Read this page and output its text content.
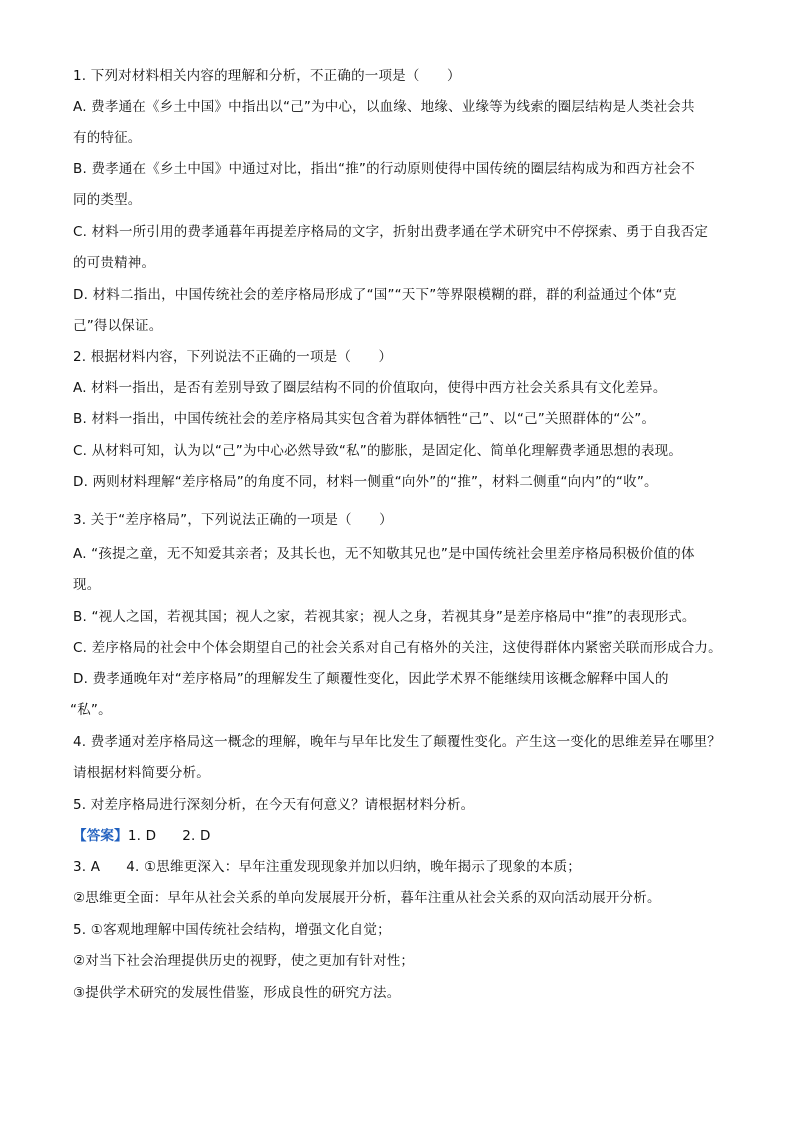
1. 下列对材料相关内容的理解和分析，不正确的一项是（　　）
A. 费孝通在《乡土中国》中指出以“己”为中心，以血缘、地缘、业缘等为线索的圈层结构是人类社会共
有的特征。
B. 费孝通在《乡土中国》中通过对比，指出“推”的行动原则使得中国传统的圈层结构成为和西方社会不
同的类型。
C. 材料一所引用的费孝通暮年再提差序格局的文字，折射出费孝通在学术研究中不停探索、勇于自我否定
的可贵精神。
D. 材料二指出，中国传统社会的差序格局形成了“国”“天下”等界限模糊的群，群的利益通过个体“克
己”得以保证。
2. 根据材料内容，下列说法不正确的一项是（　　）
A. 材料一指出，是否有差别导致了圈层结构不同的价值取向，使得中西方社会关系具有文化差异。
B. 材料一指出，中国传统社会的差序格局其实包含着为群体牺牲“己”、以“己”关照群体的“公”。
C. 从材料可知，认为以“己”为中心必然导致“私”的膨胀，是固定化、简单化理解费孝通思想的表现。
D. 两则材料理解“差序格局”的角度不同，材料一侧重“向外”的“推”，材料二侧重“向内”的“收”。
3. 关于“差序格局”，下列说法正确的一项是（　　）
A. “孩提之童，无不知爱其亲者；及其长也，无不知敬其兄也”是中国传统社会里差序格局积极价值的体
现。
B. “视人之国，若视其国；视人之家，若视其家；视人之身，若视其身”是差序格局中“推”的表现形式。
C. 差序格局的社会中个体会期望自己的社会关系对自己有格外的关注，这使得群体内紧密关联而形成合力。
D. 费孝通晚年对“差序格局”的理解发生了颠覆性变化，因此学术界不能继续用该概念解释中国人的
“私”。
4. 费孝通对差序格局这一概念的理解，晚年与早年比发生了颠覆性变化。产生这一变化的思维差异在哪里？
请根据材料简要分析。
5. 对差序格局进行深刻分析，在今天有何意义？请根据材料分析。
【答案】1. D 2. D
3. A 4. ①思维更深入：早年注重发现现象并加以归纳，晚年揭示了现象的本质；
②思维更全面：早年从社会关系的单向发展展开分析，暮年注重从社会关系的双向活动展开分析。
5. ①客观地理解中国传统社会结构，增强文化自觉；
②对当下社会治理提供历史的视野，使之更加有针对性；
③提供学术研究的发展性借鉴，形成良性的研究方法。
